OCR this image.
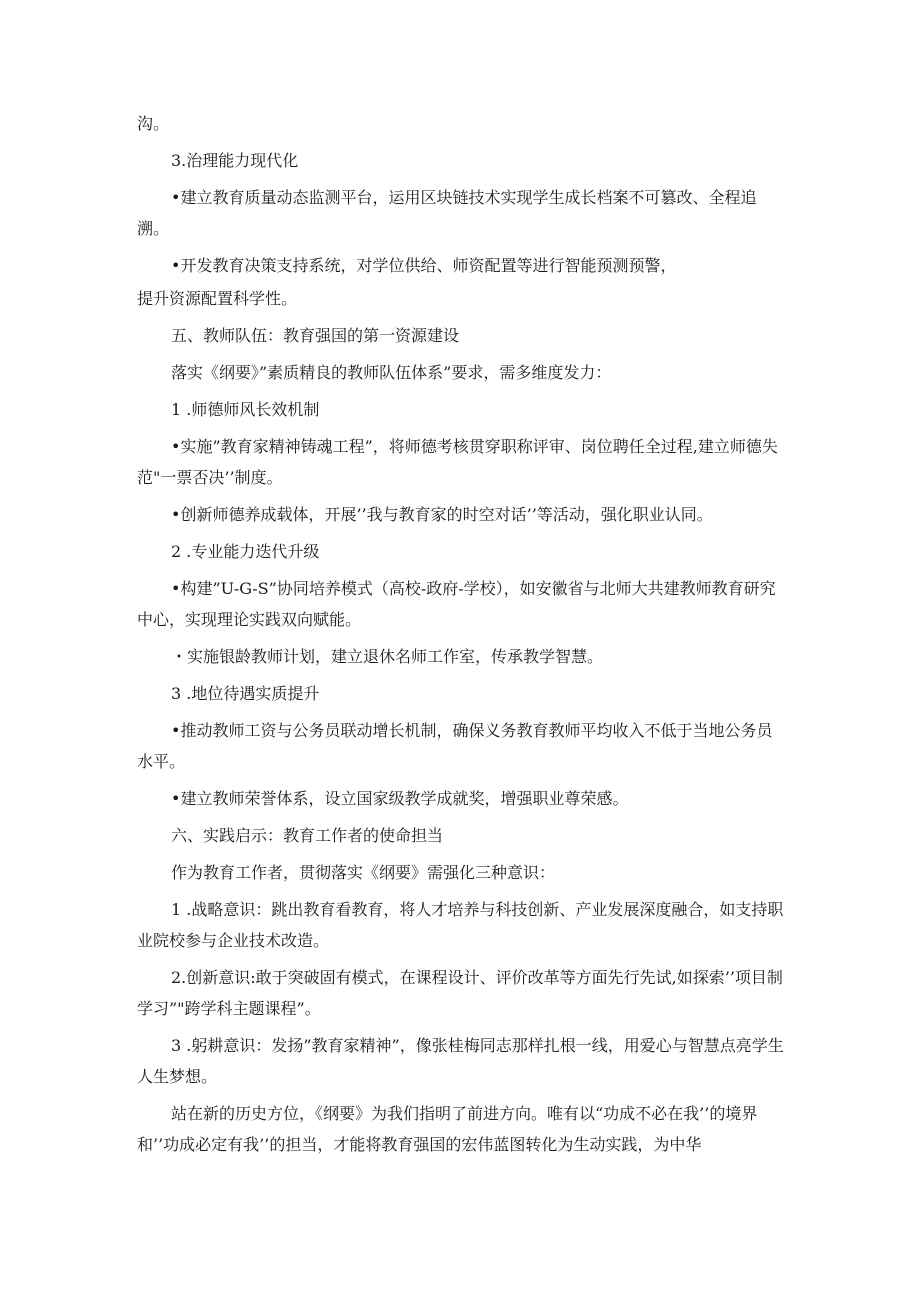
沟。

3.治理能力现代化

•建立教育质量动态监测平台，运用区块链技术实现学生成长档案不可篡改、全程追溯。

•开发教育决策支持系统，对学位供给、师资配置等进行智能预测预警，

提升资源配置科学性。

五、教师队伍：教育强国的第一资源建设

落实《纲要》”素质精良的教师队伍体系”要求，需多维度发力：

1 .师德师风长效机制

•实施”教育家精神铸魂工程”，将师德考核贯穿职称评审、岗位聘任全过程,建立师德失范"一票否决’’制度。

•创新师德养成载体，开展’’我与教育家的时空对话’’等活动，强化职业认同。

2 .专业能力迭代升级

•构建”U-G-S”协同培养模式（高校-政府-学校），如安徽省与北师大共建教师教育研究中心，实现理论实践双向赋能。

・实施银龄教师计划，建立退休名师工作室，传承教学智慧。

3 .地位待遇实质提升

•推动教师工资与公务员联动增长机制，确保义务教育教师平均收入不低于当地公务员水平。

•建立教师荣誉体系，设立国家级教学成就奖，增强职业尊荣感。

六、实践启示：教育工作者的使命担当

作为教育工作者，贯彻落实《纲要》需强化三种意识：

1 .战略意识：跳出教育看教育，将人才培养与科技创新、产业发展深度融合，如支持职业院校参与企业技术改造。

2.创新意识:敢于突破固有模式，在课程设计、评价改革等方面先行先试,如探索’’项目制学习”"跨学科主题课程”。

3 .躬耕意识：发扬”教育家精神”，像张桂梅同志那样扎根一线，用爱心与智慧点亮学生人生梦想。

站在新的历史方位，《纲要》为我们指明了前进方向。唯有以“功成不必在我’’的境界和’’功成必定有我’’的担当，才能将教育强国的宏伟蓝图转化为生动实践，为中华
